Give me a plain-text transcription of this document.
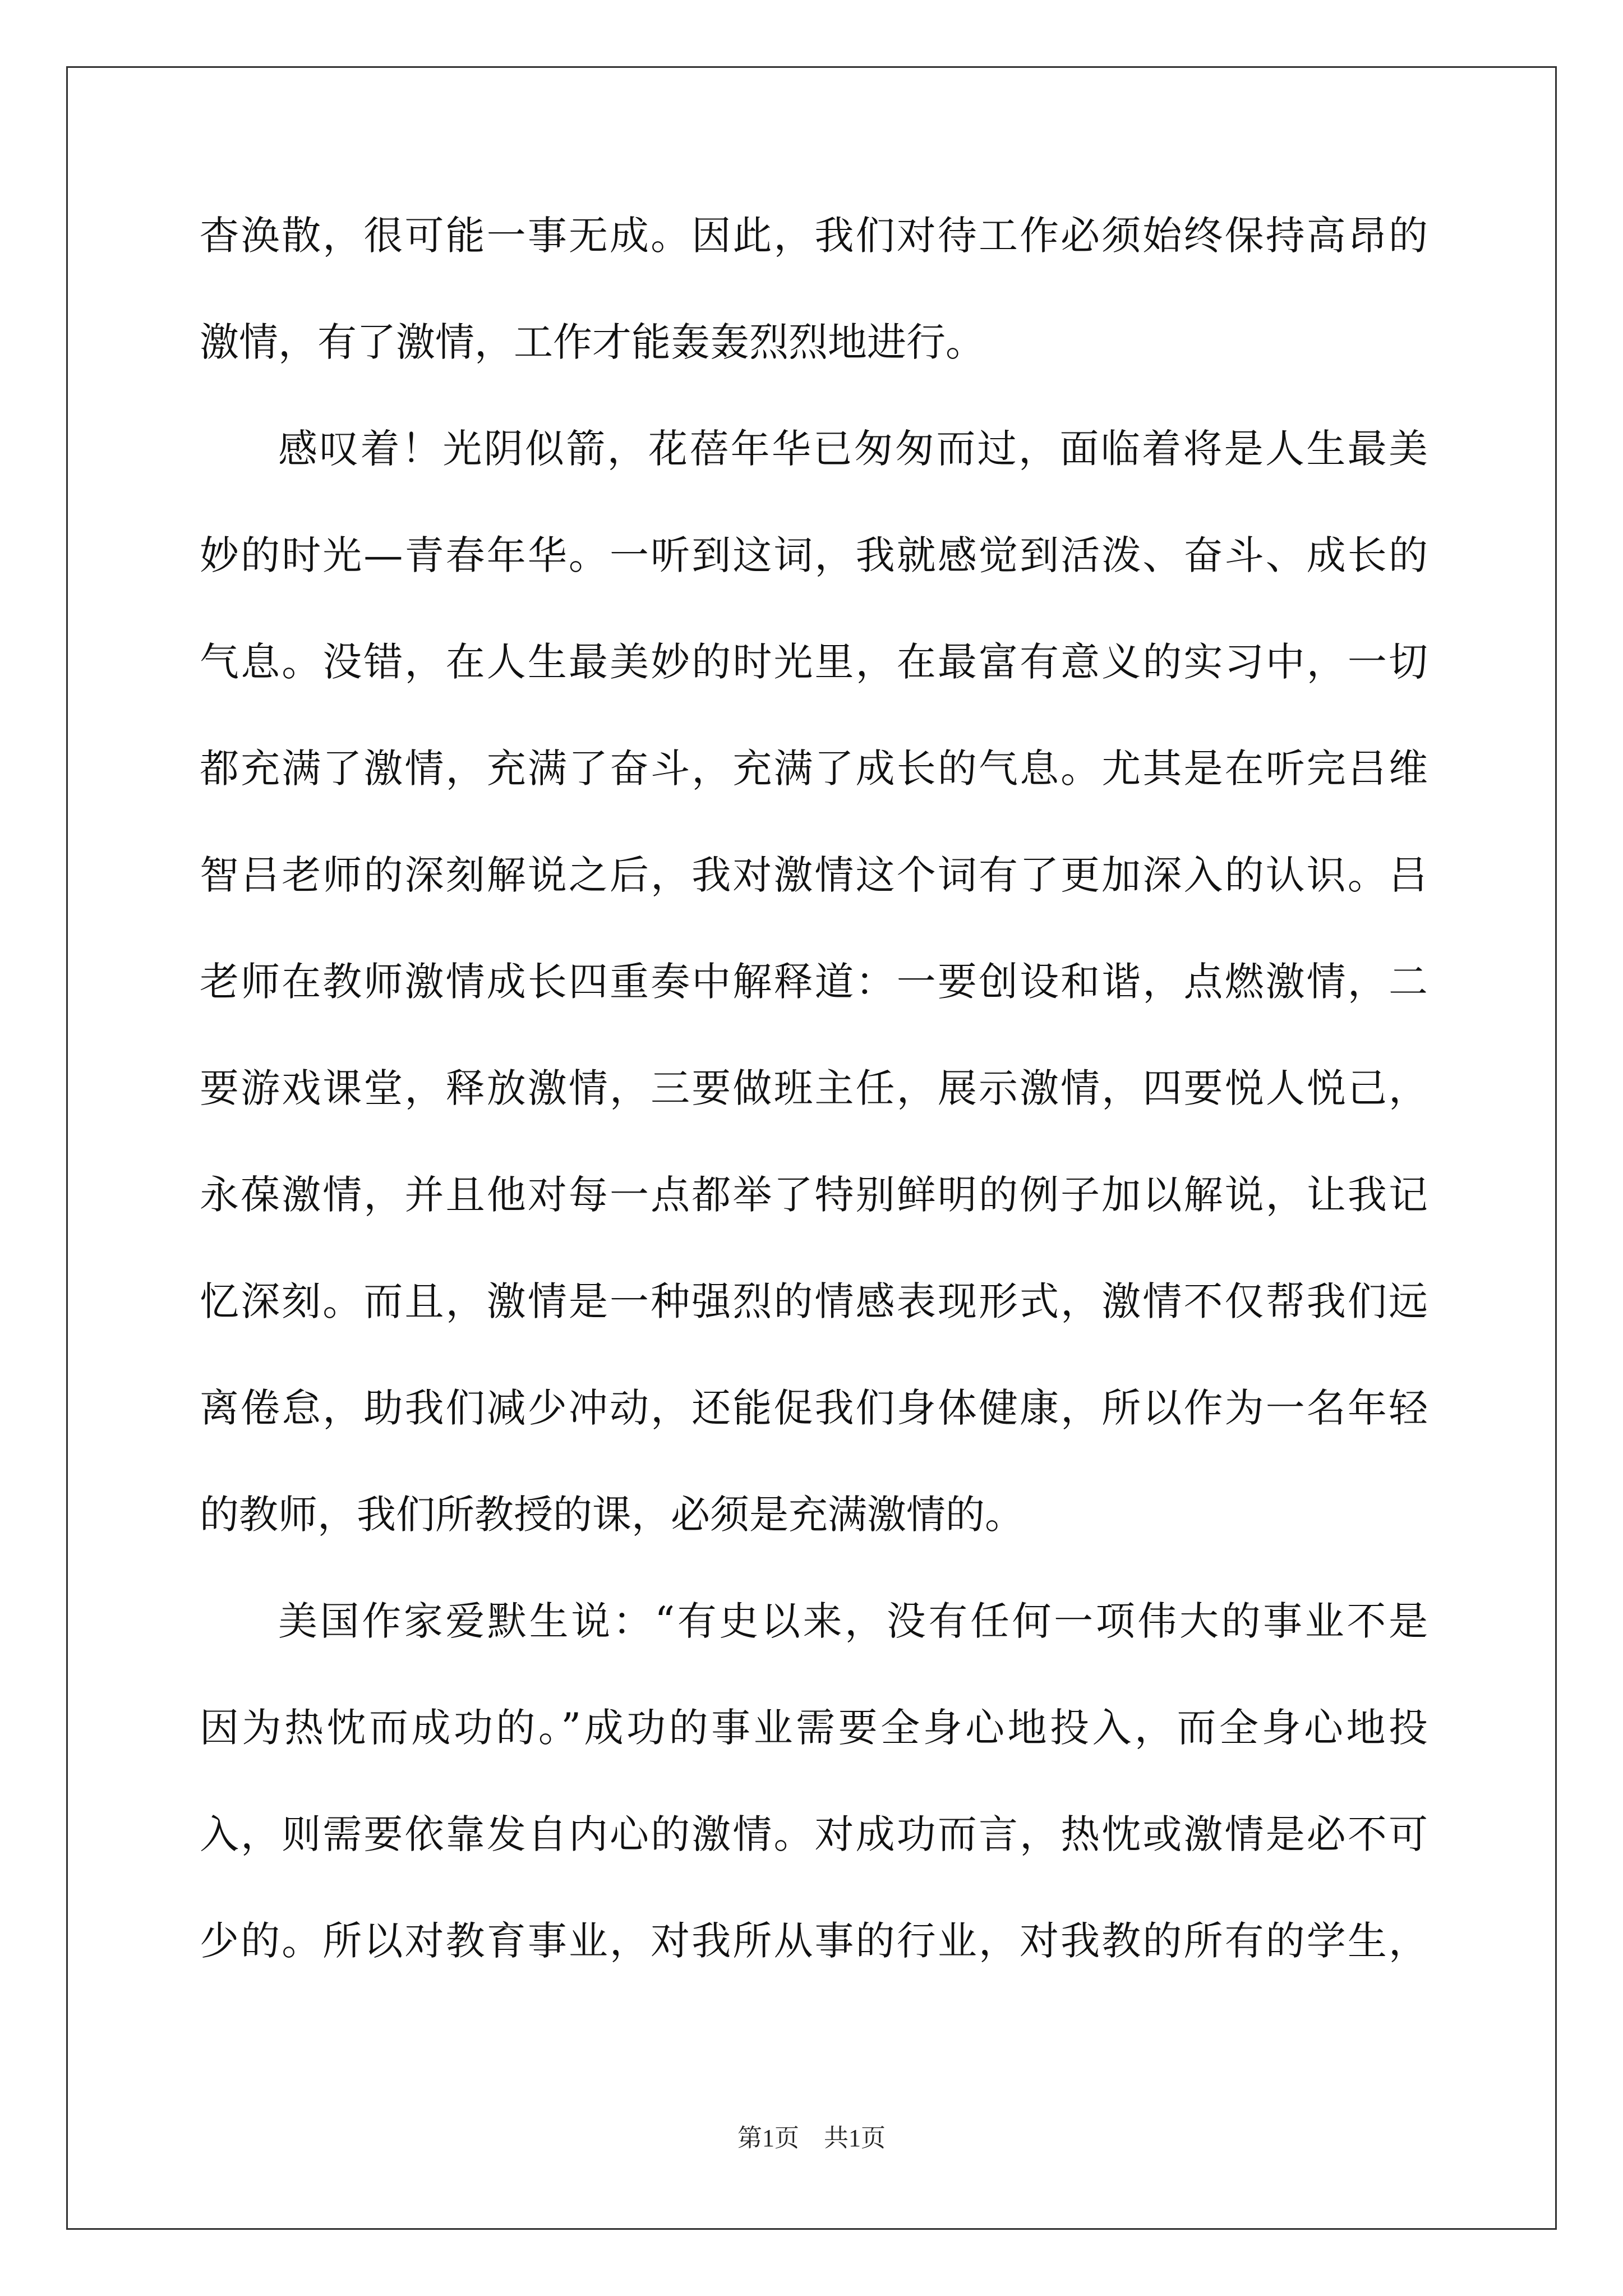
杳涣散，很可能一事无成。因此，我们对待工作必须始终保持高昂的
激情，有了激情，工作才能轰轰烈烈地进行。
感叹着！光阴似箭，花蓓年华已匆匆而过，面临着将是人生最美
妙的时光—青春年华。一听到这词，我就感觉到活泼、奋斗、成长的
气息。没错，在人生最美妙的时光里，在最富有意义的实习中，一切
都充满了激情，充满了奋斗，充满了成长的气息。尤其是在听完吕维
智吕老师的深刻解说之后，我对激情这个词有了更加深入的认识。吕
老师在教师激情成长四重奏中解释道：一要创设和谐，点燃激情，二
要游戏课堂，释放激情，三要做班主任，展示激情，四要悦人悦己，
永葆激情，并且他对每一点都举了特别鲜明的例子加以解说，让我记
忆深刻。而且，激情是一种强烈的情感表现形式，激情不仅帮我们远
离倦怠，助我们减少冲动，还能促我们身体健康，所以作为一名年轻
的教师，我们所教授的课，必须是充满激情的。
美国作家爱默生说：“有史以来，没有任何一项伟大的事业不是
因为热忱而成功的。”成功的事业需要全身心地投入，而全身心地投
入，则需要依靠发自内心的激情。对成功而言，热忱或激情是必不可
少的。所以对教育事业，对我所从事的行业，对我教的所有的学生，
第1页　共1页
